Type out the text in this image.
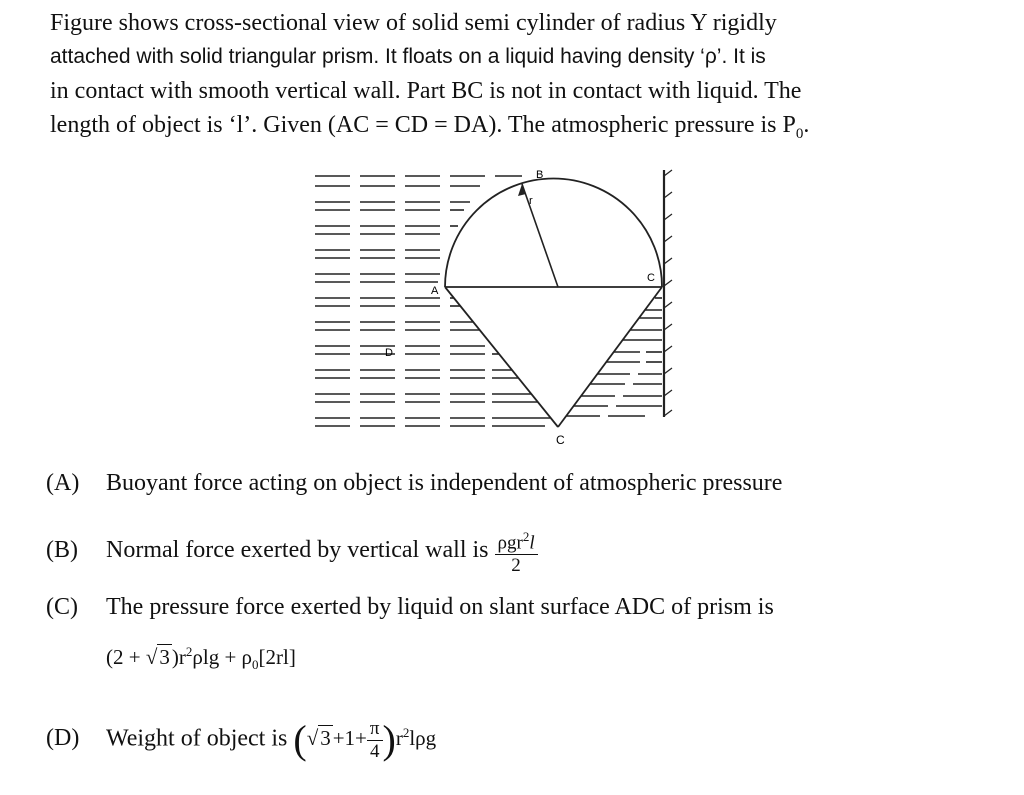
Figure shows cross-sectional view of solid semi cylinder of radius Y rigidly
attached with solid triangular prism. It floats on a liquid having density ‘ρ’. It is
in contact with smooth vertical wall. Part BC is not in contact with liquid. The
length of object is ‘l’. Given (AC = CD = DA). The atmospheric pressure is $P_0$.
B
r
C
A
D
C
(A) Buoyant force acting on object is independent of atmospheric pressure
(B) Normal force exerted by vertical wall is $\frac{\rho gr^2l}{2}$
(C) The pressure force exerted by liquid on slant surface ADC of prism is
$(2 + √3)r^2\rho\lg + \rho_0[2rl]$
(D) Weight of object is $(√3+1+ \frac{\pi}{4} )r^2l\rho g$
